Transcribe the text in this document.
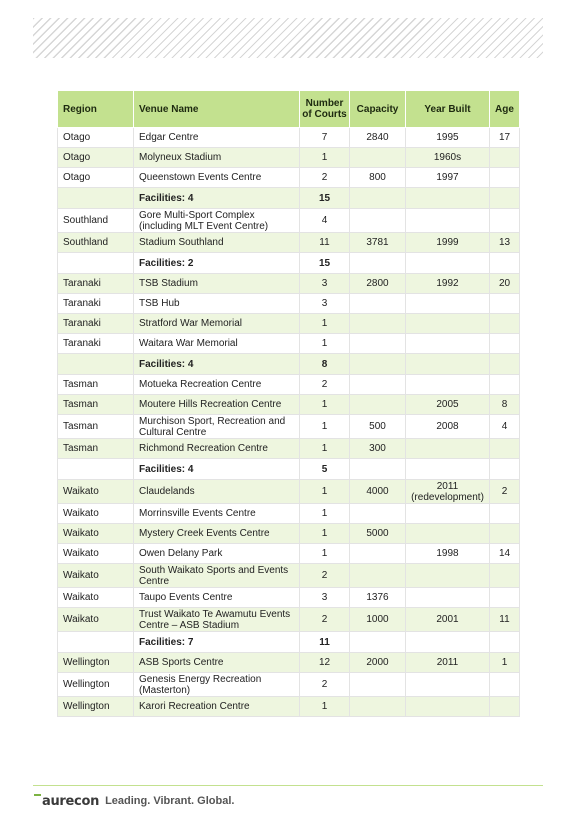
Region	Venue Name	Number of Courts	Capacity	Year Built	Age
Otago	Edgar Centre	7	2840	1995	17
Otago	Molyneux Stadium	1		1960s	
Otago	Queenstown Events Centre	2	800	1997	
	Facilities: 4	15			
Southland	Gore Multi-Sport Complex (including MLT Event Centre)	4			
Southland	Stadium Southland	11	3781	1999	13
	Facilities: 2	15			
Taranaki	TSB Stadium	3	2800	1992	20
Taranaki	TSB Hub	3			
Taranaki	Stratford War Memorial	1			
Taranaki	Waitara War Memorial	1			
	Facilities: 4	8			
Tasman	Motueka Recreation Centre	2			
Tasman	Moutere Hills Recreation Centre	1		2005	8
Tasman	Murchison Sport, Recreation and Cultural Centre	1	500	2008	4
Tasman	Richmond Recreation Centre	1	300		
	Facilities: 4	5			
Waikato	Claudelands	1	4000	2011 (redevelopment)	2
Waikato	Morrinsville Events Centre	1			
Waikato	Mystery Creek Events Centre	1	5000		
Waikato	Owen Delany Park	1		1998	14
Waikato	South Waikato Sports and Events Centre	2			
Waikato	Taupo Events Centre	3	1376		
Waikato	Trust Waikato Te Awamutu Events Centre – ASB Stadium	2	1000	2001	11
	Facilities: 7	11			
Wellington	ASB Sports Centre	12	2000	2011	1
Wellington	Genesis Energy Recreation (Masterton)	2			
Wellington	Karori Recreation Centre	1			
aurecon Leading. Vibrant. Global.
